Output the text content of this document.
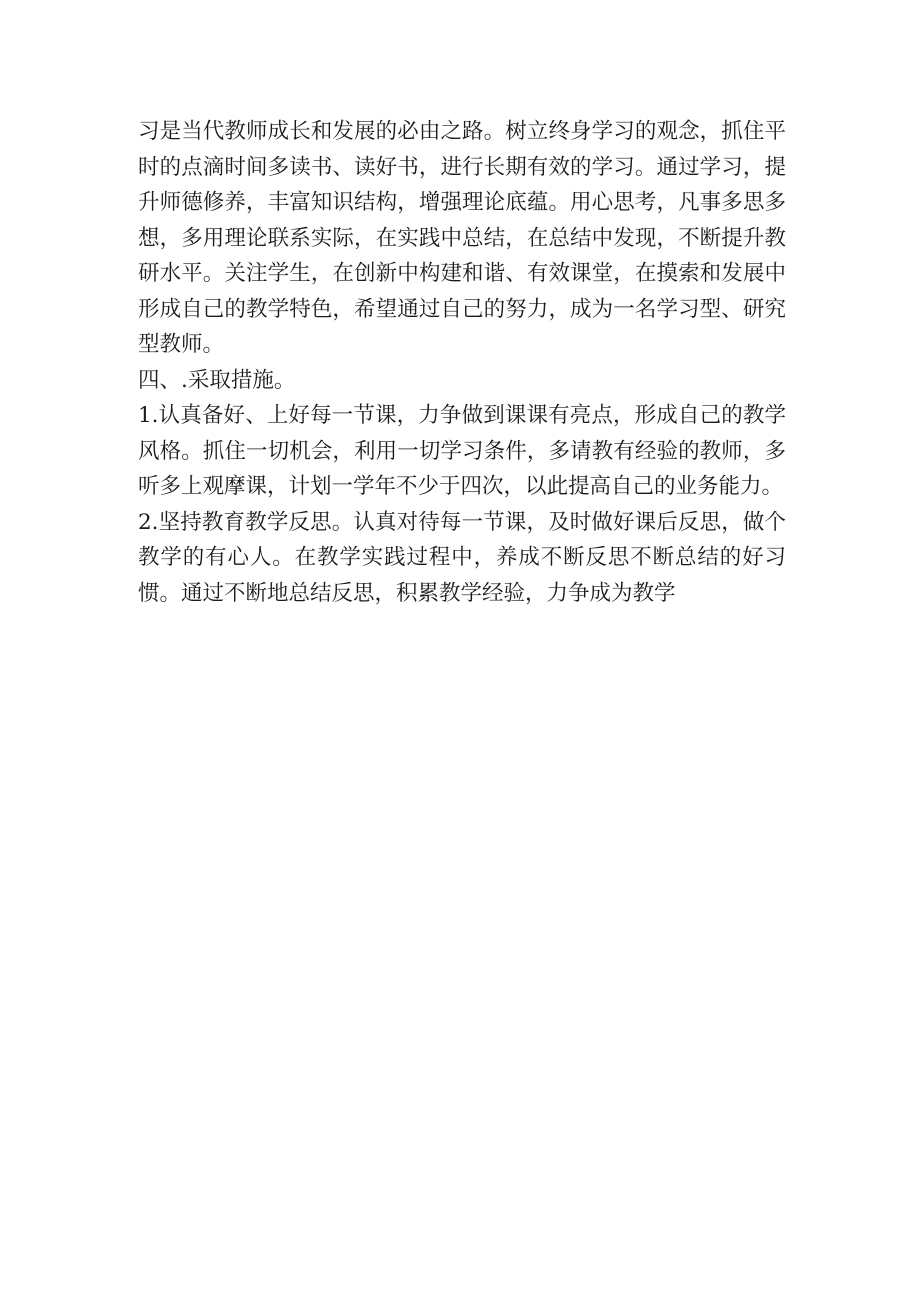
习是当代教师成长和发展的必由之路。树立终身学习的观念，抓住平时的点滴时间多读书、读好书，进行长期有效的学习。通过学习，提升师德修养，丰富知识结构，增强理论底蕴。用心思考，凡事多思多想，多用理论联系实际，在实践中总结，在总结中发现，不断提升教研水平。关注学生，在创新中构建和谐、有效课堂，在摸索和发展中形成自己的教学特色，希望通过自己的努力，成为一名学习型、研究型教师。

四、.采取措施。

1.认真备好、上好每一节课，力争做到课课有亮点，形成自己的教学风格。抓住一切机会，利用一切学习条件，多请教有经验的教师，多听多上观摩课，计划一学年不少于四次，以此提高自己的业务能力。

2.坚持教育教学反思。认真对待每一节课，及时做好课后反思，做个教学的有心人。在教学实践过程中，养成不断反思不断总结的好习惯。通过不断地总结反思，积累教学经验，力争成为教学
